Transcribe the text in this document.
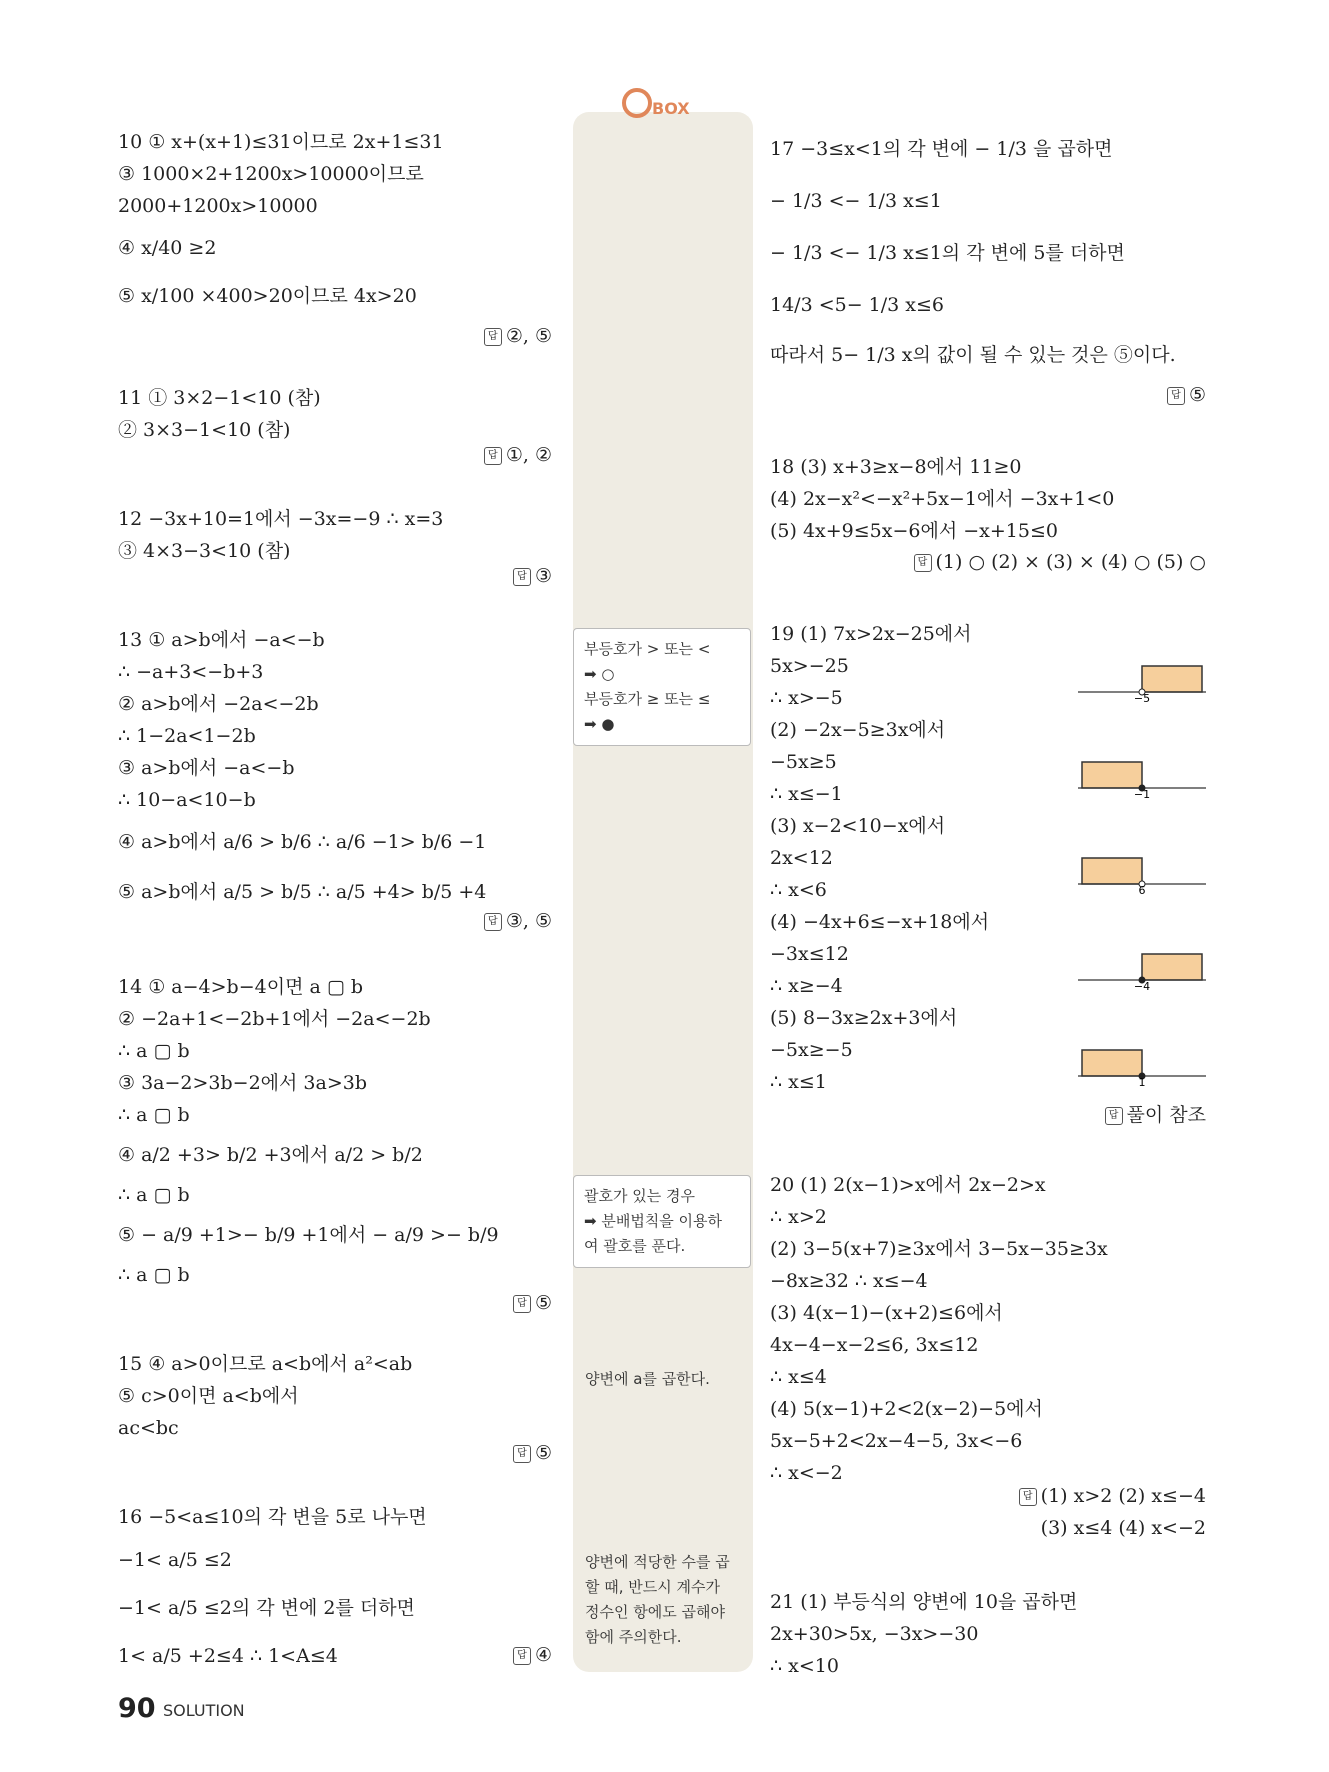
BOX
10 ① x+(x+1)≤31이므로 2x+1≤31
③ 1000×2+1200x>10000이므로
2000+1200x>10000
④ x/40 ≥2
⑤ x/100 ×400>20이므로 4x>20
11 ① 3×2−1<10 (참)
② 3×3−1<10 (참)
12 −3x+10=1에서 −3x=−9 ∴ x=3
③ 4×3−3<10 (참)
13 ① a>b에서 −a<−b
∴ −a+3<−b+3
② a>b에서 −2a<−2b
∴ 1−2a<1−2b
③ a>b에서 −a<−b
∴ 10−a<10−b
④ a>b에서 a/6 > b/6 ∴ a/6 −1> b/6 −1
⑤ a>b에서 a/5 > b/5 ∴ a/5 +4> b/5 +4
14 ① a−4>b−4이면 a ▢ b
② −2a+1<−2b+1에서 −2a<−2b
∴ a ▢ b
③ 3a−2>3b−2에서 3a>3b
∴ a ▢ b
④ a/2 +3> b/2 +3에서 a/2 > b/2
∴ a ▢ b
⑤ − a/9 +1>− b/9 +1에서 − a/9 >− b/9
∴ a ▢ b
15 ④ a>0이므로 a<b에서 a²<ab
⑤ c>0이면 a<b에서
ac<bc
16 −5<a≤10의 각 변을 5로 나누면
−1< a/5 ≤2
−1< a/5 ≤2의 각 변에 2를 더하면
1< a/5 +2≤4 ∴ 1<A≤4
답 ②, ⑤
답 ①, ②
답 ③
답 ③, ⑤
답 ⑤
답 ⑤
답 ④
17 −3≤x<1의 각 변에 − 1/3 을 곱하면
− 1/3 <− 1/3 x≤1
− 1/3 <− 1/3 x≤1의 각 변에 5를 더하면
14/3 <5− 1/3 x≤6
따라서 5− 1/3 x의 값이 될 수 있는 것은 ⑤이다.
18 (3) x+3≥x−8에서 11≥0
(4) 2x−x²<−x²+5x−1에서 −3x+1<0
(5) 4x+9≤5x−6에서 −x+15≤0
19 (1) 7x>2x−25에서
5x>−25
∴ x>−5
(2) −2x−5≥3x에서
−5x≥5
∴ x≤−1
(3) x−2<10−x에서
2x<12
∴ x<6
(4) −4x+6≤−x+18에서
−3x≤12
∴ x≥−4
(5) 8−3x≥2x+3에서
−5x≥−5
∴ x≤1
20 (1) 2(x−1)>x에서 2x−2>x
∴ x>2
(2) 3−5(x+7)≥3x에서 3−5x−35≥3x
−8x≥32 ∴ x≤−4
(3) 4(x−1)−(x+2)≤6에서
4x−4−x−2≤6, 3x≤12
∴ x≤4
(4) 5(x−1)+2<2(x−2)−5에서
5x−5+2<2x−4−5, 3x<−6
∴ x<−2
21 (1) 부등식의 양변에 10을 곱하면
2x+30>5x, −3x>−30
∴ x<10
답 ⑤
답 (1) ○ (2) × (3) × (4) ○ (5) ○
답 풀이 참조
답 (1) x>2 (2) x≤−4
(3) x≤4 (4) x<−2
−5
−1
6
−4
1
부등호가 > 또는 <
➡ ○
부등호가 ≥ 또는 ≤
➡ ●
괄호가 있는 경우
➡ 분배법칙을 이용하
여 괄호를 푼다.
양변에 a를 곱한다.
양변에 적당한 수를 곱
할 때, 반드시 계수가
정수인 항에도 곱해야
함에 주의한다.
90 SOLUTION
